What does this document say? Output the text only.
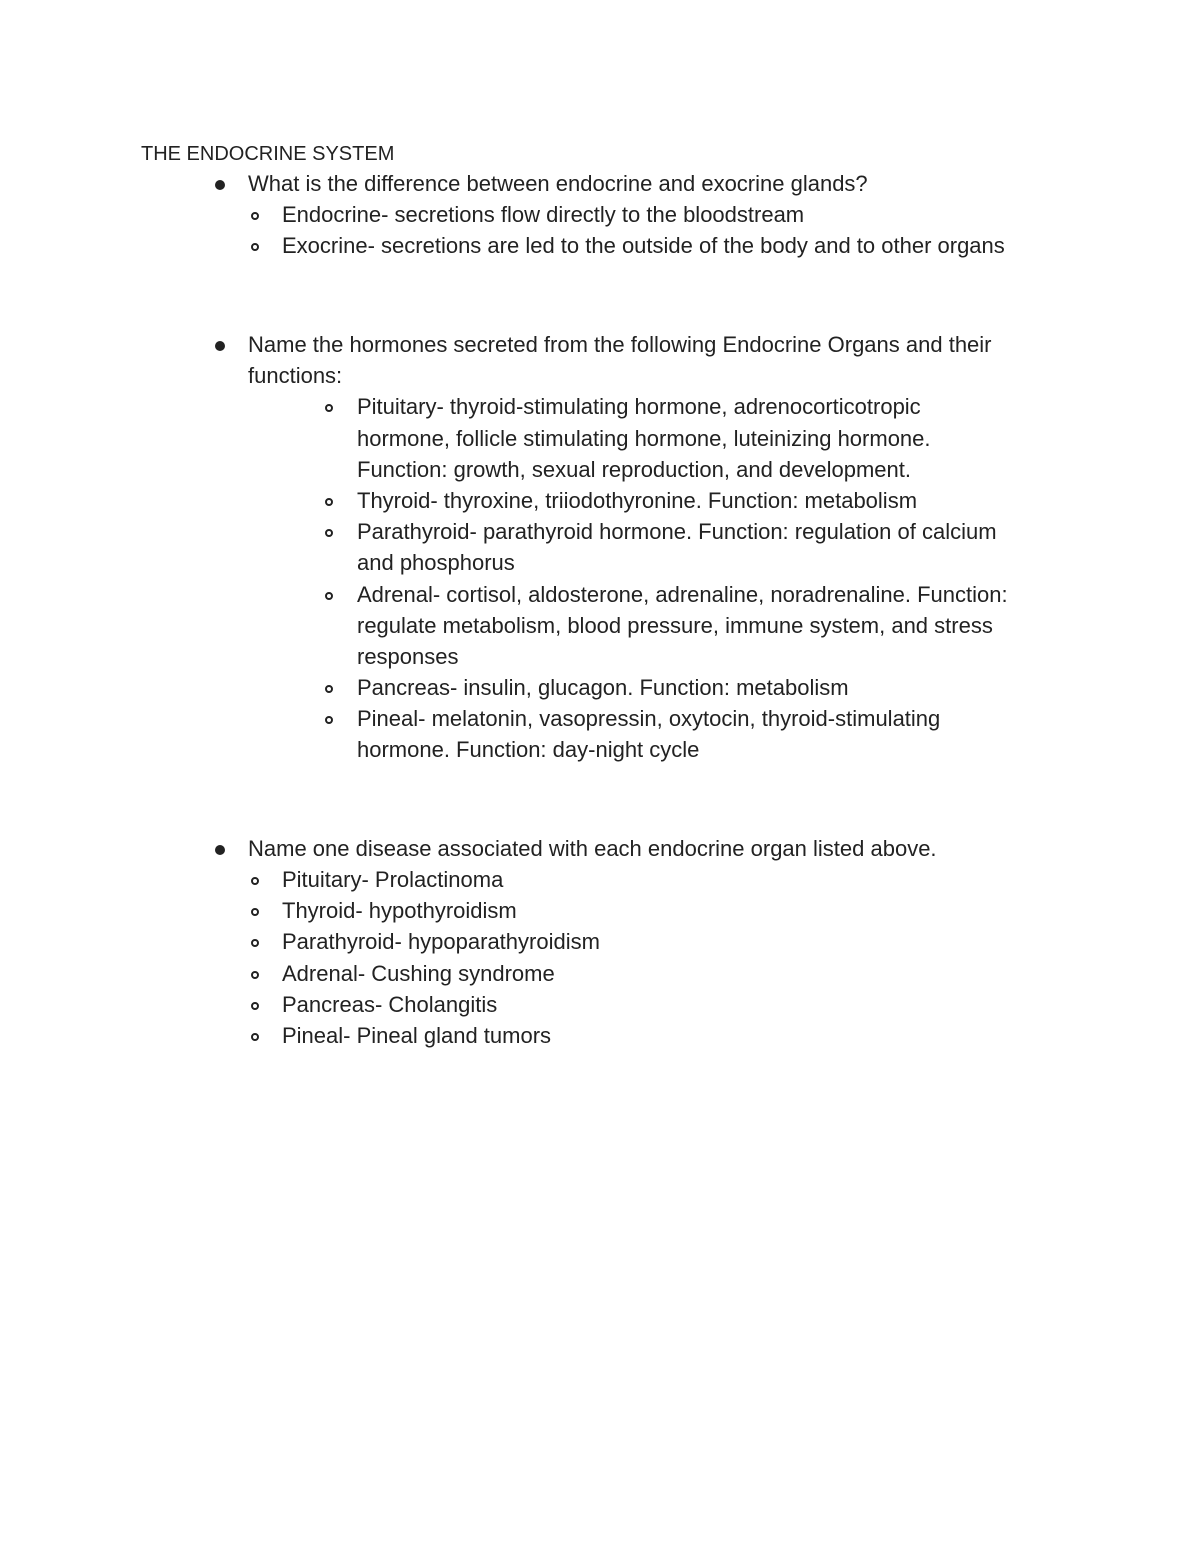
THE ENDOCRINE SYSTEM
What is the difference between endocrine and exocrine glands?
Endocrine- secretions flow directly to the bloodstream
Exocrine- secretions are led to the outside of the body and to other organs
Name the hormones secreted from the following Endocrine Organs and their
functions:
Pituitary- thyroid-stimulating hormone, adrenocorticotropic
hormone, follicle stimulating hormone, luteinizing hormone.
Function: growth, sexual reproduction, and development.
Thyroid- thyroxine, triiodothyronine. Function: metabolism
Parathyroid- parathyroid hormone. Function: regulation of calcium
and phosphorus
Adrenal- cortisol, aldosterone, adrenaline, noradrenaline. Function:
regulate metabolism, blood pressure, immune system, and stress
responses
Pancreas- insulin, glucagon. Function: metabolism
Pineal- melatonin, vasopressin, oxytocin, thyroid-stimulating
hormone. Function: day-night cycle
Name one disease associated with each endocrine organ listed above.
Pituitary- Prolactinoma
Thyroid- hypothyroidism
Parathyroid- hypoparathyroidism
Adrenal- Cushing syndrome
Pancreas- Cholangitis
Pineal- Pineal gland tumors
